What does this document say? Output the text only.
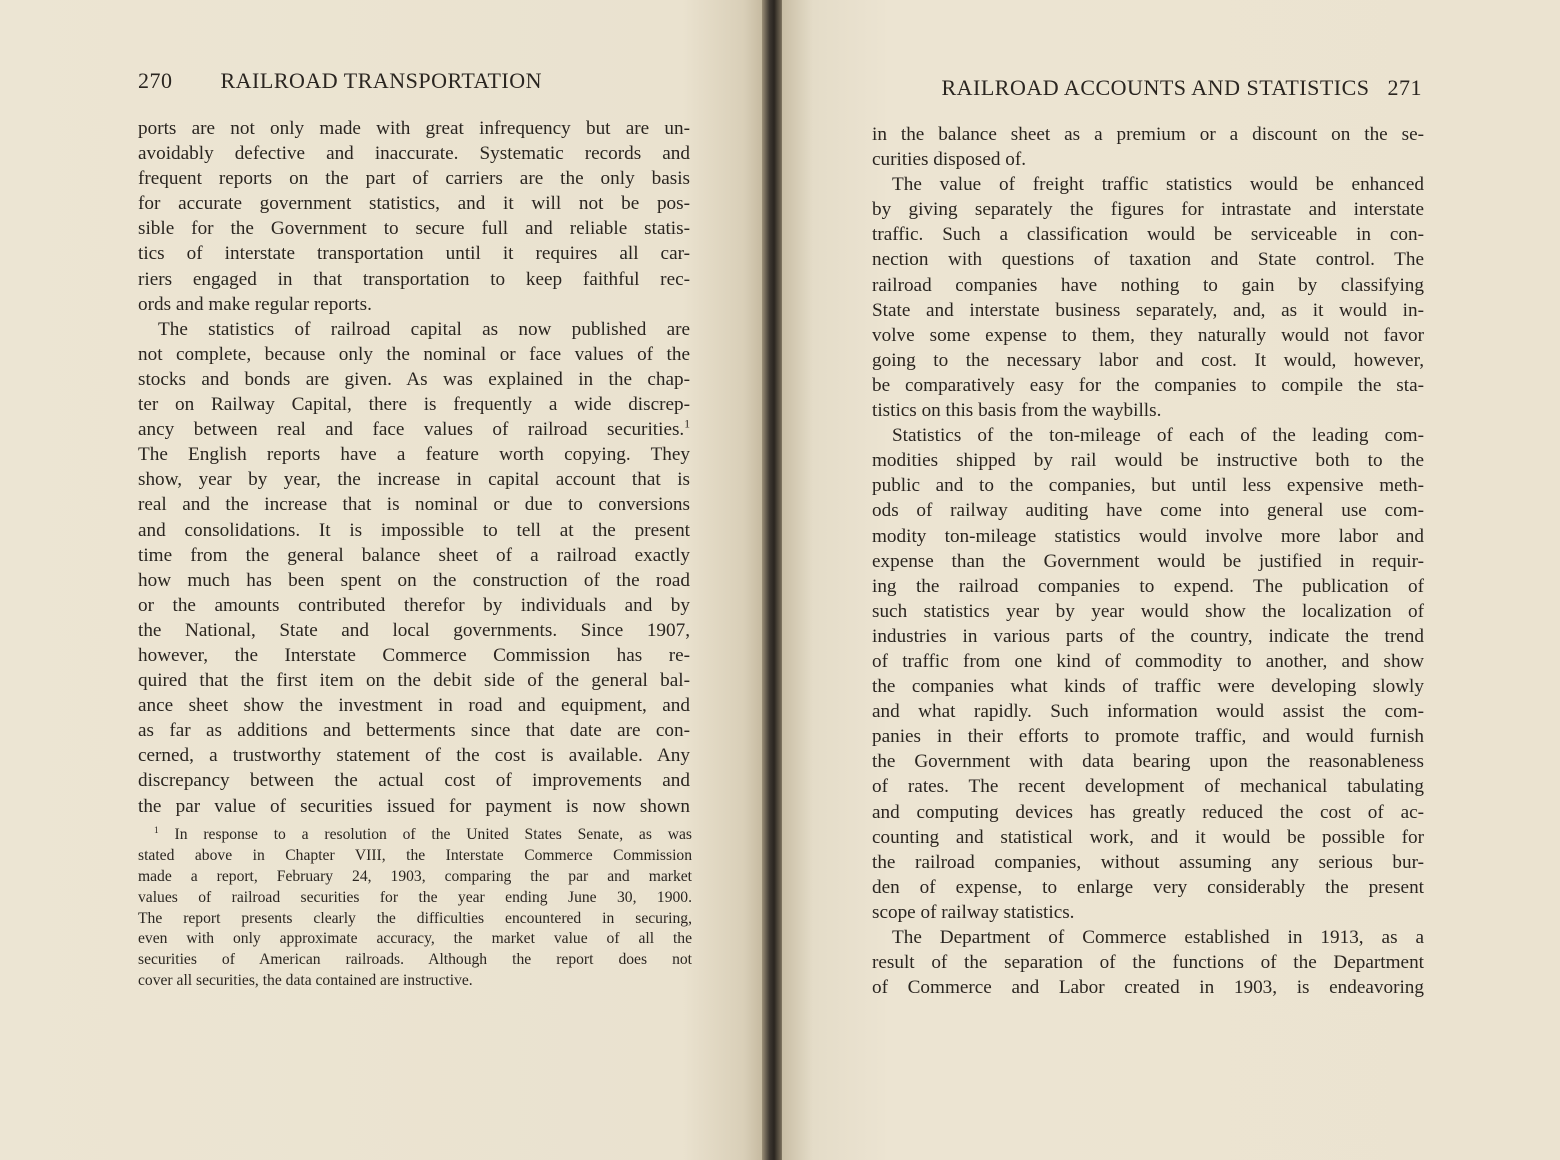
270 RAILROAD TRANSPORTATION
ports are not only made with great infrequency but are un-
avoidably defective and inaccurate. Systematic records and
frequent reports on the part of carriers are the only basis
for accurate government statistics, and it will not be pos-
sible for the Government to secure full and reliable statis-
tics of interstate transportation until it requires all car-
riers engaged in that transportation to keep faithful rec-
ords and make regular reports.
The statistics of railroad capital as now published are
not complete, because only the nominal or face values of the
stocks and bonds are given. As was explained in the chap-
ter on Railway Capital, there is frequently a wide discrep-
ancy between real and face values of railroad securities.$^1$
The English reports have a feature worth copying. They
show, year by year, the increase in capital account that is
real and the increase that is nominal or due to conversions
and consolidations. It is impossible to tell at the present
time from the general balance sheet of a railroad exactly
how much has been spent on the construction of the road
or the amounts contributed therefor by individuals and by
the National, State and local governments. Since 1907,
however, the Interstate Commerce Commission has re-
quired that the first item on the debit side of the general bal-
ance sheet show the investment in road and equipment, and
as far as additions and betterments since that date are con-
cerned, a trustworthy statement of the cost is available. Any
discrepancy between the actual cost of improvements and
the par value of securities issued for payment is now shown
$^1$ In response to a resolution of the United States Senate, as was
stated above in Chapter VIII, the Interstate Commerce Commission
made a report, February 24, 1903, comparing the par and market
values of railroad securities for the year ending June 30, 1900.
The report presents clearly the difficulties encountered in securing,
even with only approximate accuracy, the market value of all the
securities of American railroads. Although the report does not
cover all securities, the data contained are instructive.
RAILROAD ACCOUNTS AND STATISTICS 271
in the balance sheet as a premium or a discount on the se-
curities disposed of.
The value of freight traffic statistics would be enhanced
by giving separately the figures for intrastate and interstate
traffic. Such a classification would be serviceable in con-
nection with questions of taxation and State control. The
railroad companies have nothing to gain by classifying
State and interstate business separately, and, as it would in-
volve some expense to them, they naturally would not favor
going to the necessary labor and cost. It would, however,
be comparatively easy for the companies to compile the sta-
tistics on this basis from the waybills.
Statistics of the ton-mileage of each of the leading com-
modities shipped by rail would be instructive both to the
public and to the companies, but until less expensive meth-
ods of railway auditing have come into general use com-
modity ton-mileage statistics would involve more labor and
expense than the Government would be justified in requir-
ing the railroad companies to expend. The publication of
such statistics year by year would show the localization of
industries in various parts of the country, indicate the trend
of traffic from one kind of commodity to another, and show
the companies what kinds of traffic were developing slowly
and what rapidly. Such information would assist the com-
panies in their efforts to promote traffic, and would furnish
the Government with data bearing upon the reasonableness
of rates. The recent development of mechanical tabulating
and computing devices has greatly reduced the cost of ac-
counting and statistical work, and it would be possible for
the railroad companies, without assuming any serious bur-
den of expense, to enlarge very considerably the present
scope of railway statistics.
The Department of Commerce established in 1913, as a
result of the separation of the functions of the Department
of Commerce and Labor created in 1903, is endeavoring
